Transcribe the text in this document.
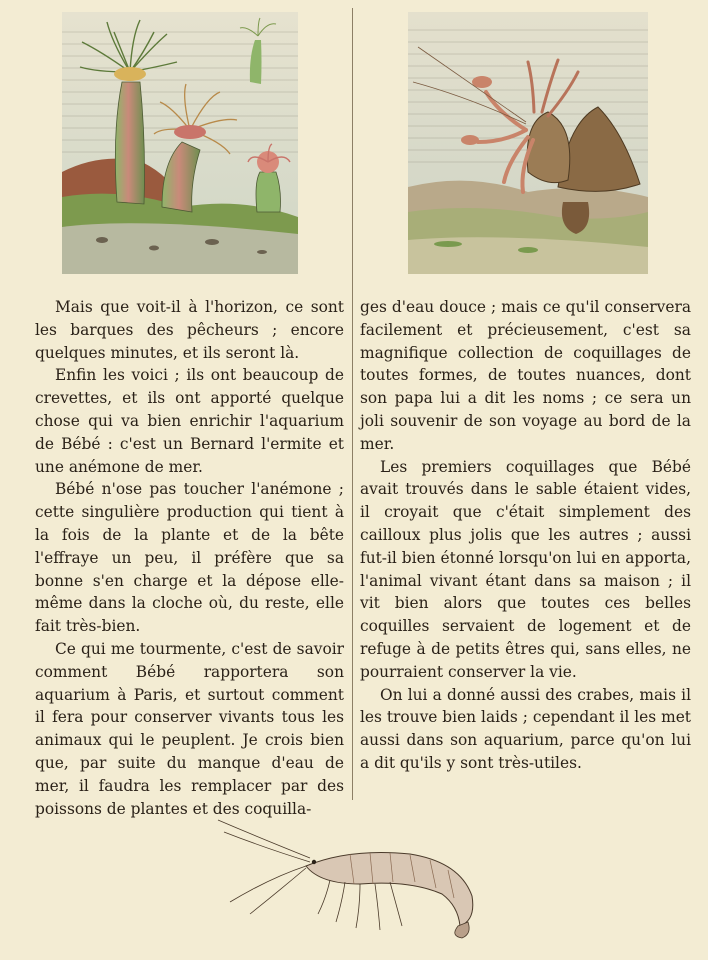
Mais que voit-il à l'horizon, ce sont les barques des pêcheurs ; encore quelques minutes, et ils seront là.

Enfin les voici ; ils ont beaucoup de crevettes, et ils ont apporté quelque chose qui va bien enrichir l'aquarium de Bébé : c'est un Bernard l'ermite et une anémone de mer.

Bébé n'ose pas toucher l'anémone ; cette singulière production qui tient à la fois de la plante et de la bête l'effraye un peu, il préfère que sa bonne s'en charge et la dépose elle-même dans la cloche où, du reste, elle fait très-bien.

Ce qui me tourmente, c'est de savoir comment Bébé rapportera son aquarium à Paris, et surtout comment il fera pour conserver vivants tous les animaux qui le peuplent. Je crois bien que, par suite du manque d'eau de mer, il faudra les remplacer par des poissons de plantes et des coquilla-

ges d'eau douce ; mais ce qu'il conservera facilement et précieusement, c'est sa magnifique collection de coquillages de toutes formes, de toutes nuances, dont son papa lui a dit les noms ; ce sera un joli souvenir de son voyage au bord de la mer.

Les premiers coquillages que Bébé avait trouvés dans le sable étaient vides, il croyait que c'était simplement des cailloux plus jolis que les autres ; aussi fut-il bien étonné lorsqu'on lui en apporta, l'animal vivant étant dans sa maison ; il vit bien alors que toutes ces belles coquilles servaient de logement et de refuge à de petits êtres qui, sans elles, ne pourraient conserver la vie.

On lui a donné aussi des crabes, mais il les trouve bien laids ; cependant il les met aussi dans son aquarium, parce qu'on lui a dit qu'ils y sont très-utiles.
